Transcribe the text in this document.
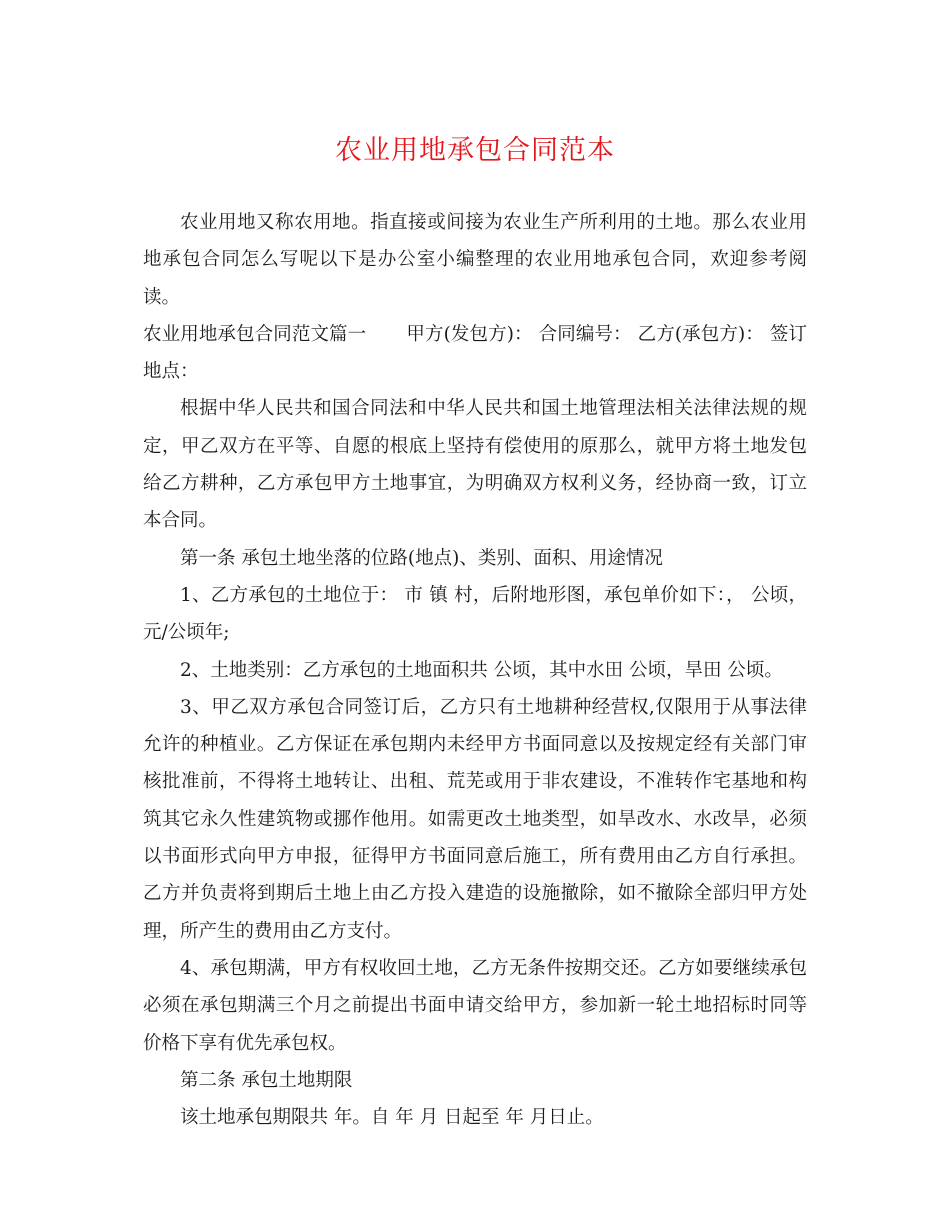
农业用地承包合同范本

农业用地又称农用地。指直接或间接为农业生产所利用的土地。那么农业用地承包合同怎么写呢以下是办公室小编整理的农业用地承包合同，欢迎参考阅读。

农业用地承包合同范文篇一 甲方(发包方)： 合同编号： 乙方(承包方)： 签订地点：

根据中华人民共和国合同法和中华人民共和国土地管理法相关法律法规的规定，甲乙双方在平等、自愿的根底上坚持有偿使用的原那么，就甲方将土地发包给乙方耕种，乙方承包甲方土地事宜，为明确双方权利义务，经协商一致，订立本合同。

第一条 承包土地坐落的位路(地点)、类别、面积、用途情况

1、乙方承包的土地位于： 市 镇 村，后附地形图，承包单价如下：， 公顷， 元/公顷年;

2、土地类别：乙方承包的土地面积共 公顷，其中水田 公顷，旱田 公顷。

3、甲乙双方承包合同签订后，乙方只有土地耕种经营权,仅限用于从事法律允许的种植业。乙方保证在承包期内未经甲方书面同意以及按规定经有关部门审核批准前，不得将土地转让、出租、荒芜或用于非农建设，不准转作宅基地和构筑其它永久性建筑物或挪作他用。如需更改土地类型，如旱改水、水改旱，必须以书面形式向甲方申报，征得甲方书面同意后施工，所有费用由乙方自行承担。乙方并负责将到期后土地上由乙方投入建造的设施撤除，如不撤除全部归甲方处理，所产生的费用由乙方支付。

4、承包期满，甲方有权收回土地，乙方无条件按期交还。乙方如要继续承包必须在承包期满三个月之前提出书面申请交给甲方，参加新一轮土地招标时同等价格下享有优先承包权。

第二条 承包土地期限

该土地承包期限共 年。自 年 月 日起至 年 月日止。
